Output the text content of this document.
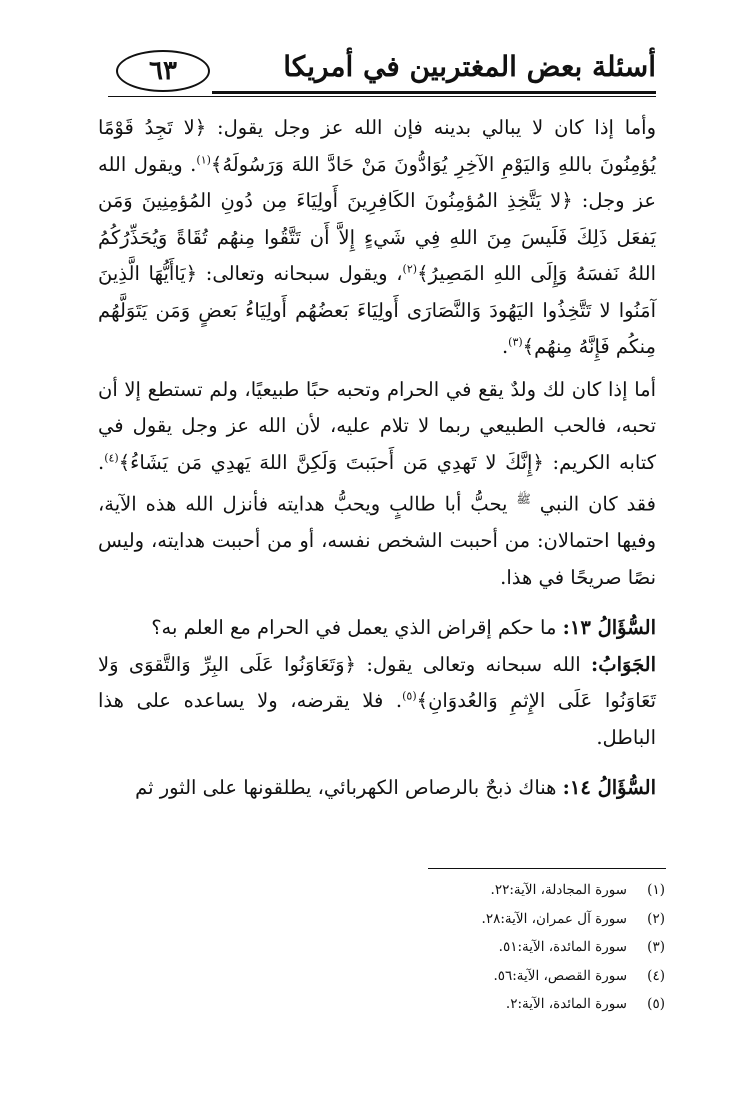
أسئلة بعض المغتربين في أمريكا
٦٣

وأما إذا كان لا يبالي بدينه فإن الله عز وجل يقول: ﴿لا تَجِدُ قَوْمًا يُؤمِنُونَ باللهِ وَاليَوْمِ الآخِرِ يُوَادُّونَ مَنْ حَادَّ اللهَ وَرَسُولَهُ﴾$^{(١)}$. ويقول الله عز وجل: ﴿لا يَتَّخِذِ المُؤمِنُونَ الكَافِرِينَ أَولِيَاءَ مِن دُونِ المُؤمِنِينَ وَمَن يَفعَل ذَلِكَ فَلَيسَ مِنَ اللهِ فِي شَيءٍ إِلاَّ أَن تَتَّقُوا مِنهُم تُقَاةً وَيُحَذِّرُكُمُ اللهُ نَفسَهُ وَإِلَى اللهِ المَصِيرُ﴾$^{(٢)}$، ويقول سبحانه وتعالى: ﴿يَاأَيُّهَا الَّذِينَ آمَنُوا لا تَتَّخِذُوا اليَهُودَ وَالنَّصَارَى أَولِيَاءَ بَعضُهُم أَولِيَاءُ بَعضٍ وَمَن يَتَوَلَّهُم مِنكُم فَإِنَّهُ مِنهُم﴾$^{(٣)}$.

أما إذا كان لك ولدٌ يقع في الحرام وتحبه حبًا طبيعيًا، ولم تستطع إلا أن تحبه، فالحب الطبيعي ربما لا تلام عليه، لأن الله عز وجل يقول في كتابه الكريم: ﴿إِنَّكَ لا تَهدِي مَن أَحبَبتَ وَلَكِنَّ اللهَ يَهدِي مَن يَشَاءُ﴾$^{(٤)}$. فقد كان النبي $^ﷺ$ يحبُّ أبا طالبٍ ويحبُّ هدايته فأنزل الله هذه الآية، وفيها احتمالان: من أحببت الشخص نفسه، أو من أحببت هدايته، وليس نصًا صريحًا في هذا.

السُّؤَالُ ١٣: ما حكم إقراض الذي يعمل في الحرام مع العلم به؟

الجَوَابُ: الله سبحانه وتعالى يقول: ﴿وَتَعَاوَنُوا عَلَى البِرِّ وَالتَّقوَى وَلا تَعَاوَنُوا عَلَى الإِثمِ وَالعُدوَانِ﴾$^{(٥)}$. فلا يقرضه، ولا يساعده على هذا الباطل.

السُّؤَالُ ١٤: هناك ذبحٌ بالرصاص الكهربائي، يطلقونها على الثور ثم

(١)
سورة المجادلة، الآية:٢٢.
(٢)
سورة آل عمران، الآية:٢٨.
(٣)
سورة المائدة، الآية:٥١.
(٤)
سورة القصص، الآية:٥٦.
(٥)
سورة المائدة، الآية:٢.
